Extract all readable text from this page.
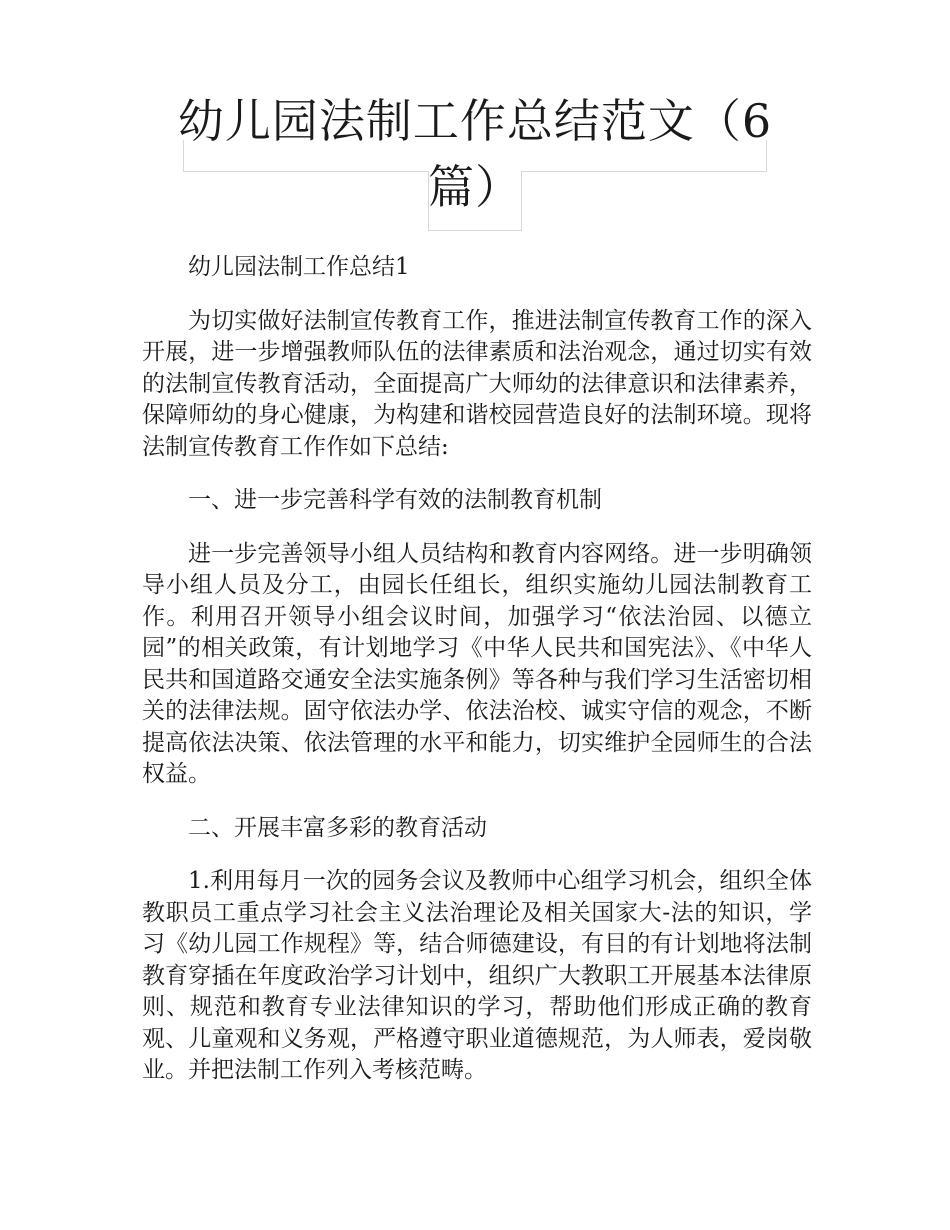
幼儿园法制工作总结范文（6篇）

幼儿园法制工作总结1

为切实做好法制宣传教育工作，推进法制宣传教育工作的深入开展，进一步增强教师队伍的法律素质和法治观念，通过切实有效的法制宣传教育活动，全面提高广大师幼的法律意识和法律素养，保障师幼的身心健康，为构建和谐校园营造良好的法制环境。现将法制宣传教育工作作如下总结:

一、进一步完善科学有效的法制教育机制

进一步完善领导小组人员结构和教育内容网络。进一步明确领导小组人员及分工，由园长任组长，组织实施幼儿园法制教育工作。利用召开领导小组会议时间，加强学习“依法治园、以德立园”的相关政策，有计划地学习《中华人民共和国宪法》、《中华人民共和国道路交通安全法实施条例》等各种与我们学习生活密切相关的法律法规。固守依法办学、依法治校、诚实守信的观念，不断提高依法决策、依法管理的水平和能力，切实维护全园师生的合法权益。

二、开展丰富多彩的教育活动

1.利用每月一次的园务会议及教师中心组学习机会，组织全体教职员工重点学习社会主义法治理论及相关国家大-法的知识，学习《幼儿园工作规程》等，结合师德建设，有目的有计划地将法制教育穿插在年度政治学习计划中，组织广大教职工开展基本法律原则、规范和教育专业法律知识的学习，帮助他们形成正确的教育观、儿童观和义务观，严格遵守职业道德规范，为人师表，爱岗敬业。并把法制工作列入考核范畴。
